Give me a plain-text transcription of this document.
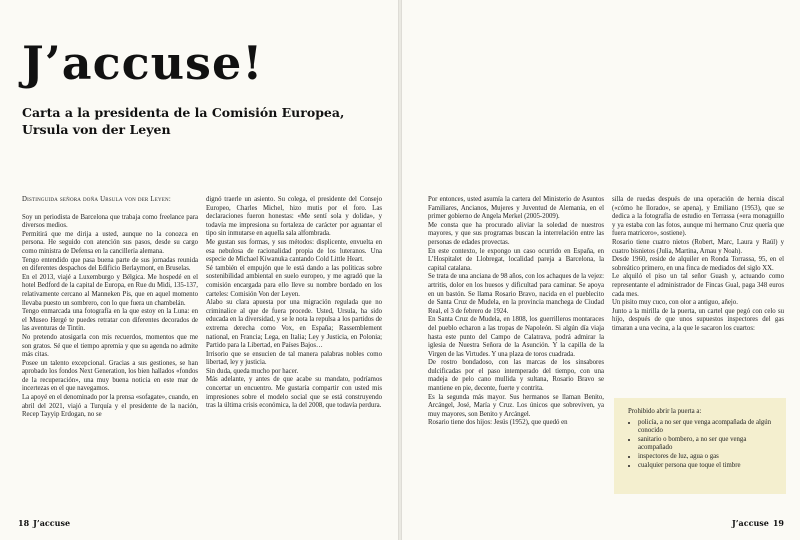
J’accuse!
Carta a la presidenta de la Comisión Europea, Ursula von der Leyen

Distinguida señora doña Ursula von der Leyen:

Soy un periodista de Barcelona que trabaja como freelance para diversos medios.

Permítirá que me dirija a usted, aunque no la conozca en persona. He seguido con atención sus pasos, desde su cargo como ministra de Defensa en la cancillería alemana.

Tengo entendido que pasa buena parte de sus jornadas reunida en diferentes despachos del Edificio Berlaymont, en Bruselas.

En el 2013, viajé a Luxemburgo y Bélgica. Me hospedé en el hotel Bedford de la capital de Europa, en Rue du Midi, 135-137, relativamente cercano al Manneken Pis, que en aquel momento llevaba puesto un sombrero, con lo que fuera un chambelán.

Tengo enmarcada una fotografía en la que estoy en la Luna: en el Museo Hergé te puedes retratar con diferentes decorados de las aventuras de Tintín.

No pretendo atosigarla con mis recuerdos, momentos que me son gratos. Sé que el tiempo apremia y que su agenda no admite más citas.

Posee un talento excepcional. Gracias a sus gestiones, se han aprobado los fondos Next Generation, los bien hallados «fondos de la recuperación», una muy buena noticia en este mar de incertezas en el que navegamos.

La apoyé en el denominado por la prensa «sofagate», cuando, en abril del 2021, viajó a Turquía y el presidente de la nación, Recep Tayyip Erdogan, no se

dignó traerle un asiento. Su colega, el presidente del Consejo Europeo, Charles Michel, hizo mutis por el foro. Las declaraciones fueron honestas: «Me sentí sola y dolida», y todavía me impresiona su fortaleza de carácter por aguantar el tipo sin inmutarse en aquella sala alfombrada.

Me gustan sus formas, y sus métodos: displicente, envuelta en esa nebulosa de racionalidad propia de los luteranos. Una especie de Michael Kiwanuka cantando Cold Little Heart.

Sé también el empujón que le está dando a las políticas sobre sostenibilidad ambiental en suelo europeo, y me agradó que la comisión encargada para ello lleve su nombre bordado en los carteles: Comisión Von der Leyen.

Alabo su clara apuesta por una migración regulada que no criminalice al que de fuera procede. Usted, Ursula, ha sido educada en la diversidad, y se le nota la repulsa a los partidos de extrema derecha como Vox, en España; Rassemblement national, en Francia; Lega, en Italia; Ley y Justicia, en Polonia; Partido para la Libertad, en Países Bajos…

Irrisorio que se ensucien de tal manera palabras nobles como libertad, ley y justicia.

Sin duda, queda mucho por hacer.

Más adelante, y antes de que acabe su mandato, podríamos concertar un encuentro. Me gustaría compartir con usted mis impresiones sobre el modelo social que se está construyendo tras la última crisis económica, la del 2008, que todavía perdura.

18 J’accuse

Por entonces, usted asumía la cartera del Ministerio de Asuntos Familiares, Ancianos, Mujeres y Juventud de Alemania, en el primer gobierno de Angela Merkel (2005-2009).

Me consta que ha procurado aliviar la soledad de nuestros mayores, y que sus programas buscan la interrelación entre las personas de edades provectas.

En este contexto, le expongo un caso ocurrido en España, en L’Hospitalet de Llobregat, localidad pareja a Barcelona, la capital catalana.

Se trata de una anciana de 98 años, con los achaques de la vejez: artritis, dolor en los huesos y dificultad para caminar. Se apoya en un bastón. Se llama Rosario Bravo, nacida en el pueblecito de Santa Cruz de Mudela, en la provincia manchega de Ciudad Real, el 3 de febrero de 1924.

En Santa Cruz de Mudela, en 1808, los guerrilleros montaraces del pueblo echaron a las tropas de Napoleón. Si algún día viaja hasta este punto del Campo de Calatrava, podrá admirar la iglesia de Nuestra Señora de la Asunción. Y la capilla de la Virgen de las Virtudes. Y una plaza de toros cuadrada.

De rostro bondadoso, con las marcas de los sinsabores dulcificadas por el paso intemperado del tiempo, con una madeja de pelo cano mullida y sultana, Rosario Bravo se mantiene en pie, decente, fuerte y contrita.

Es la segunda más mayor. Sus hermanos se llaman Benito, Arcángel, José, María y Cruz. Los únicos que sobreviven, ya muy mayores, son Benito y Arcángel.

Rosario tiene dos hijos: Jesús (1952), que quedó en

silla de ruedas después de una operación de hernia discal («cómo he llorado», se apena), y Emiliano (1953), que se dedica a la fotografía de estudio en Terrassa («era monaguillo y ya estaba con las fotos, aunque mi hermano Cruz quería que fuera matricero», sostiene).

Rosario tiene cuatro nietos (Robert, Marc, Laura y Raúl) y cuatro bisnietos (Julia, Martina, Arnau y Noah).

Desde 1960, reside de alquiler en Ronda Torrassa, 95, en el sobreático primero, en una finca de mediados del siglo XX.

Le alquiló el piso un tal señor Guash y, actuando como representante el administrador de Fincas Gual, paga 348 euros cada mes.

Un pisito muy cuco, con olor a antiguo, añejo.

Junto a la mirilla de la puerta, un cartel que pegó con celo su hijo, después de que unos supuestos inspectores del gas timaran a una vecina, a la que le sacaron los cuartos:

Prohibido abrir la puerta a:

• policía, a no ser que venga acompañada de algún conocido
• sanitario o bombero, a no ser que venga acompañado
• inspectores de luz, agua o gas
• cualquier persona que toque el timbre
J’accuse 19
